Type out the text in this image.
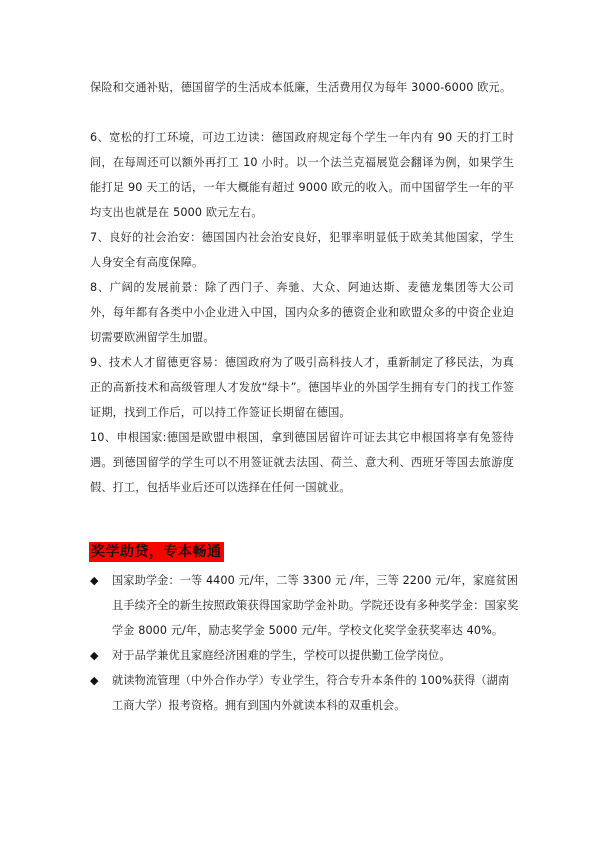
保险和交通补贴，德国留学的生活成本低廉，生活费用仅为每年 3000-6000 欧元。
6、宽松的打工环境，可边工边读：德国政府规定每个学生一年内有 90 天的打工时间，在每周还可以额外再打工 10 小时。以一个法兰克福展览会翻译为例，如果学生能打足 90 天工的话，一年大概能有超过 9000 欧元的收入。而中国留学生一年的平均支出也就是在 5000 欧元左右。
7、良好的社会治安：德国国内社会治安良好，犯罪率明显低于欧美其他国家，学生人身安全有高度保障。
8、广阔的发展前景：除了西门子、奔驰、大众、阿迪达斯、麦德龙集团等大公司外，每年都有各类中小企业进入中国，国内众多的德资企业和欧盟众多的中资企业迫切需要欧洲留学生加盟。
9、技术人才留德更容易：德国政府为了吸引高科技人才，重新制定了移民法，为真正的高新技术和高级管理人才发放“绿卡”。德国毕业的外国学生拥有专门的找工作签证期，找到工作后，可以持工作签证长期留在德国。
10、申根国家:德国是欧盟申根国，拿到德国居留许可证去其它申根国将享有免签待遇。到德国留学的学生可以不用签证就去法国、荷兰、意大利、西班牙等国去旅游度假、打工，包括毕业后还可以选择在任何一国就业。
奖学助贷，专本畅通
◆ 国家助学金：一等 4400 元/年，二等 3300 元 /年，三等 2200 元/年，家庭贫困且手续齐全的新生按照政策获得国家助学金补助。学院还设有多种奖学金：国家奖学金 8000 元/年，励志奖学金 5000 元/年。学校文化奖学金获奖率达 40%。
◆ 对于品学兼优且家庭经济困难的学生，学校可以提供勤工俭学岗位。
◆ 就读物流管理（中外合作办学）专业学生，符合专升本条件的 100%获得（湖南工商大学）报考资格。拥有到国内外就读本科的双重机会。
